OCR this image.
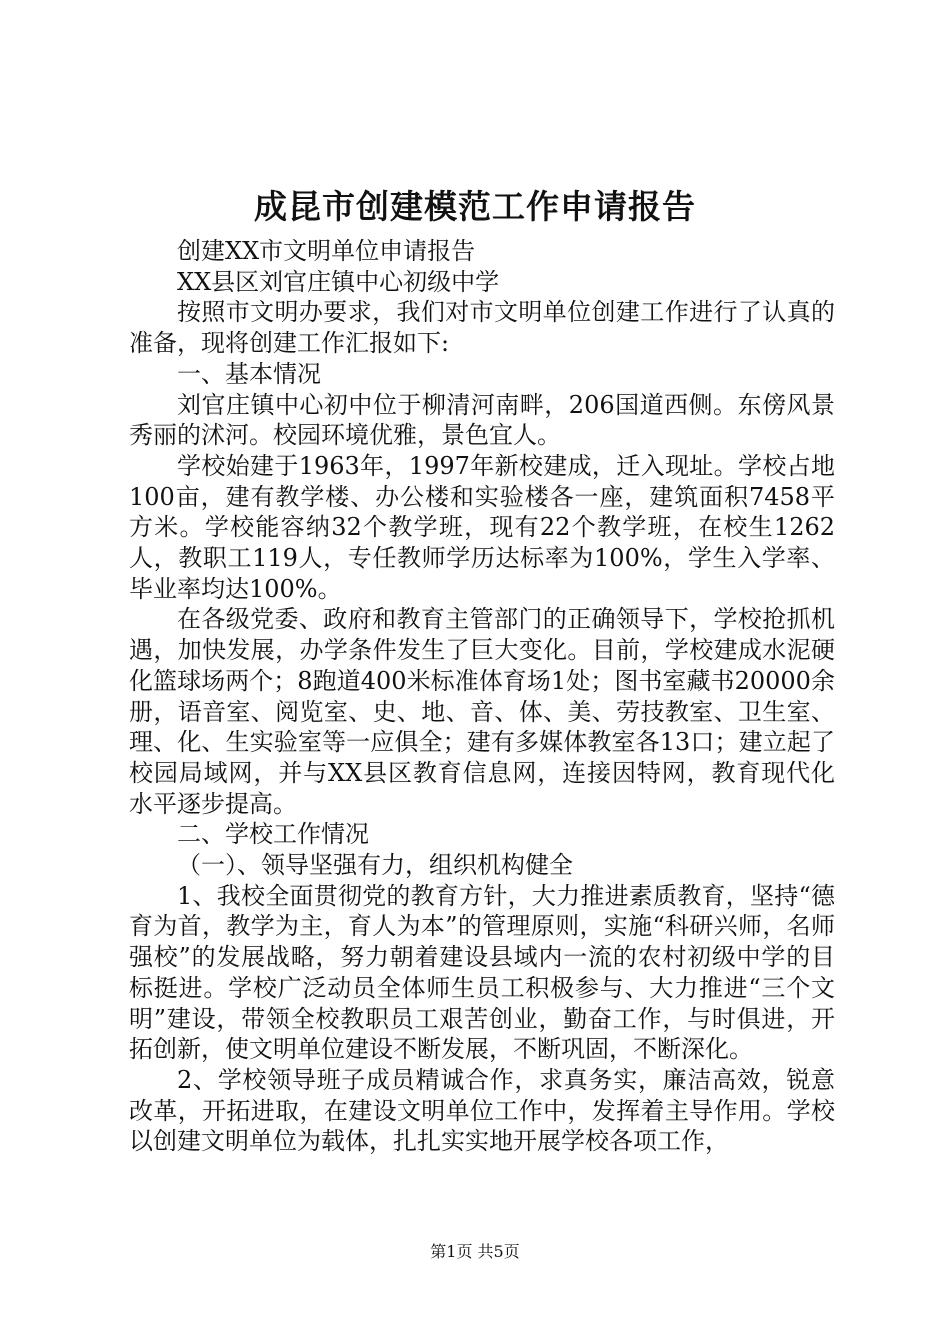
成昆市创建模范工作申请报告

创建XX市文明单位申请报告

XX县区刘官庄镇中心初级中学

按照市文明办要求，我们对市文明单位创建工作进行了认真的准备，现将创建工作汇报如下:

一、基本情况

刘官庄镇中心初中位于柳清河南畔，206国道西侧。东傍风景秀丽的沭河。校园环境优雅，景色宜人。

学校始建于1963年，1997年新校建成，迁入现址。学校占地100亩，建有教学楼、办公楼和实验楼各一座，建筑面积7458平方米。学校能容纳32个教学班，现有22个教学班，在校生1262人，教职工119人，专任教师学历达标率为100%，学生入学率、毕业率均达100%。

在各级党委、政府和教育主管部门的正确领导下，学校抢抓机遇，加快发展，办学条件发生了巨大变化。目前，学校建成水泥硬化篮球场两个；8跑道400米标准体育场1处；图书室藏书20000余册，语音室、阅览室、史、地、音、体、美、劳技教室、卫生室、理、化、生实验室等一应俱全；建有多媒体教室各13口；建立起了校园局域网，并与XX县区教育信息网，连接因特网，教育现代化水平逐步提高。

二、学校工作情况

（一）、领导坚强有力，组织机构健全

1、我校全面贯彻党的教育方针，大力推进素质教育，坚持“德育为首，教学为主，育人为本”的管理原则，实施“科研兴师，名师强校”的发展战略，努力朝着建设县域内一流的农村初级中学的目标挺进。学校广泛动员全体师生员工积极参与、大力推进“三个文明”建设，带领全校教职员工艰苦创业，勤奋工作，与时俱进，开拓创新，使文明单位建设不断发展，不断巩固，不断深化。

2、学校领导班子成员精诚合作，求真务实，廉洁高效，锐意改革，开拓进取，在建设文明单位工作中，发挥着主导作用。学校以创建文明单位为载体，扎扎实实地开展学校各项工作，

第1页 共5页
